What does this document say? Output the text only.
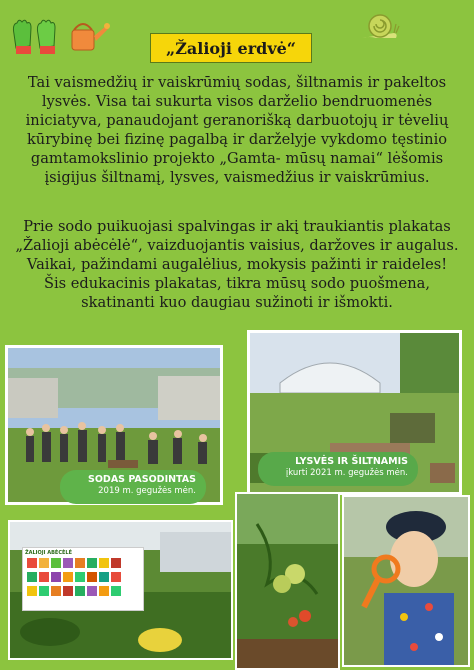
„Žalioji erdvė“

Tai vaismedžių ir vaiskrūmių sodas, šiltnamis ir pakeltos lysvės. Visa tai sukurta visos darželio bendruomenės iniciatyva, panaudojant geranorišką darbuotojų ir tėvelių kūrybinę bei fizinę pagalbą ir darželyje vykdomo tęstinio gamtamokslinio projekto „Gamta- mūsų namai“ lėšomis įsigijus šiltnamį, lysves, vaismedžius ir vaiskrūmius.

Prie sodo puikuojasi spalvingas ir akį traukiantis plakatas „Žalioji abėcėlė“, vaizduojantis vaisius, daržoves ir augalus. Vaikai, pažindami augalėlius, mokysis pažinti ir raideles! Šis edukacinis plakatas, tikra mūsų sodo puošmena, skatinanti kuo daugiau sužinoti ir išmokti.

SODAS PASODINTAS
2019 m. gegužės mėn.
LYSVĖS IR ŠILTNAMIS
įkurti 2021 m. gegužės mėn.
ŽALIOJI ABĖCĖLĖ
